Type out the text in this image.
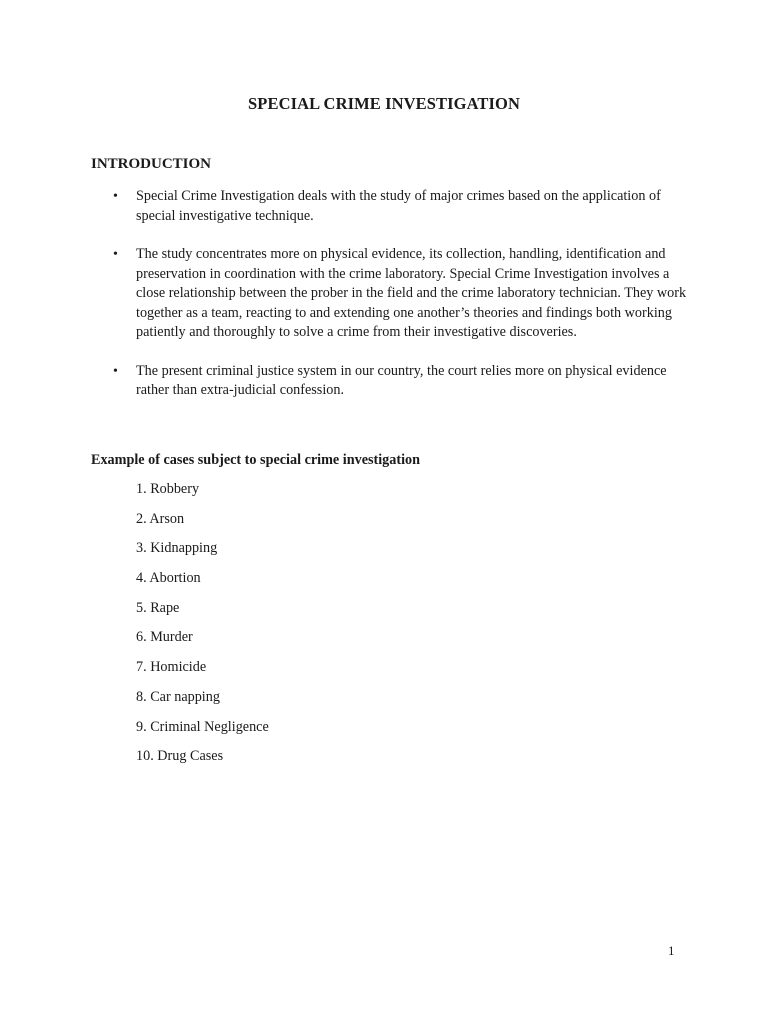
SPECIAL CRIME INVESTIGATION
INTRODUCTION
• Special Crime Investigation deals with the study of major crimes based on the application of special investigative technique.
• The study concentrates more on physical evidence, its collection, handling, identification and preservation in coordination with the crime laboratory. Special Crime Investigation involves a close relationship between the prober in the field and the crime laboratory technician. They work together as a team, reacting to and extending one another’s theories and findings both working patiently and thoroughly to solve a crime from their investigative discoveries.
• The present criminal justice system in our country, the court relies more on physical evidence rather than extra-judicial confession.
Example of cases subject to special crime investigation
1. Robbery
2. Arson
3. Kidnapping
4. Abortion
5. Rape
6. Murder
7. Homicide
8. Car napping
9. Criminal Negligence
10. Drug Cases
1
